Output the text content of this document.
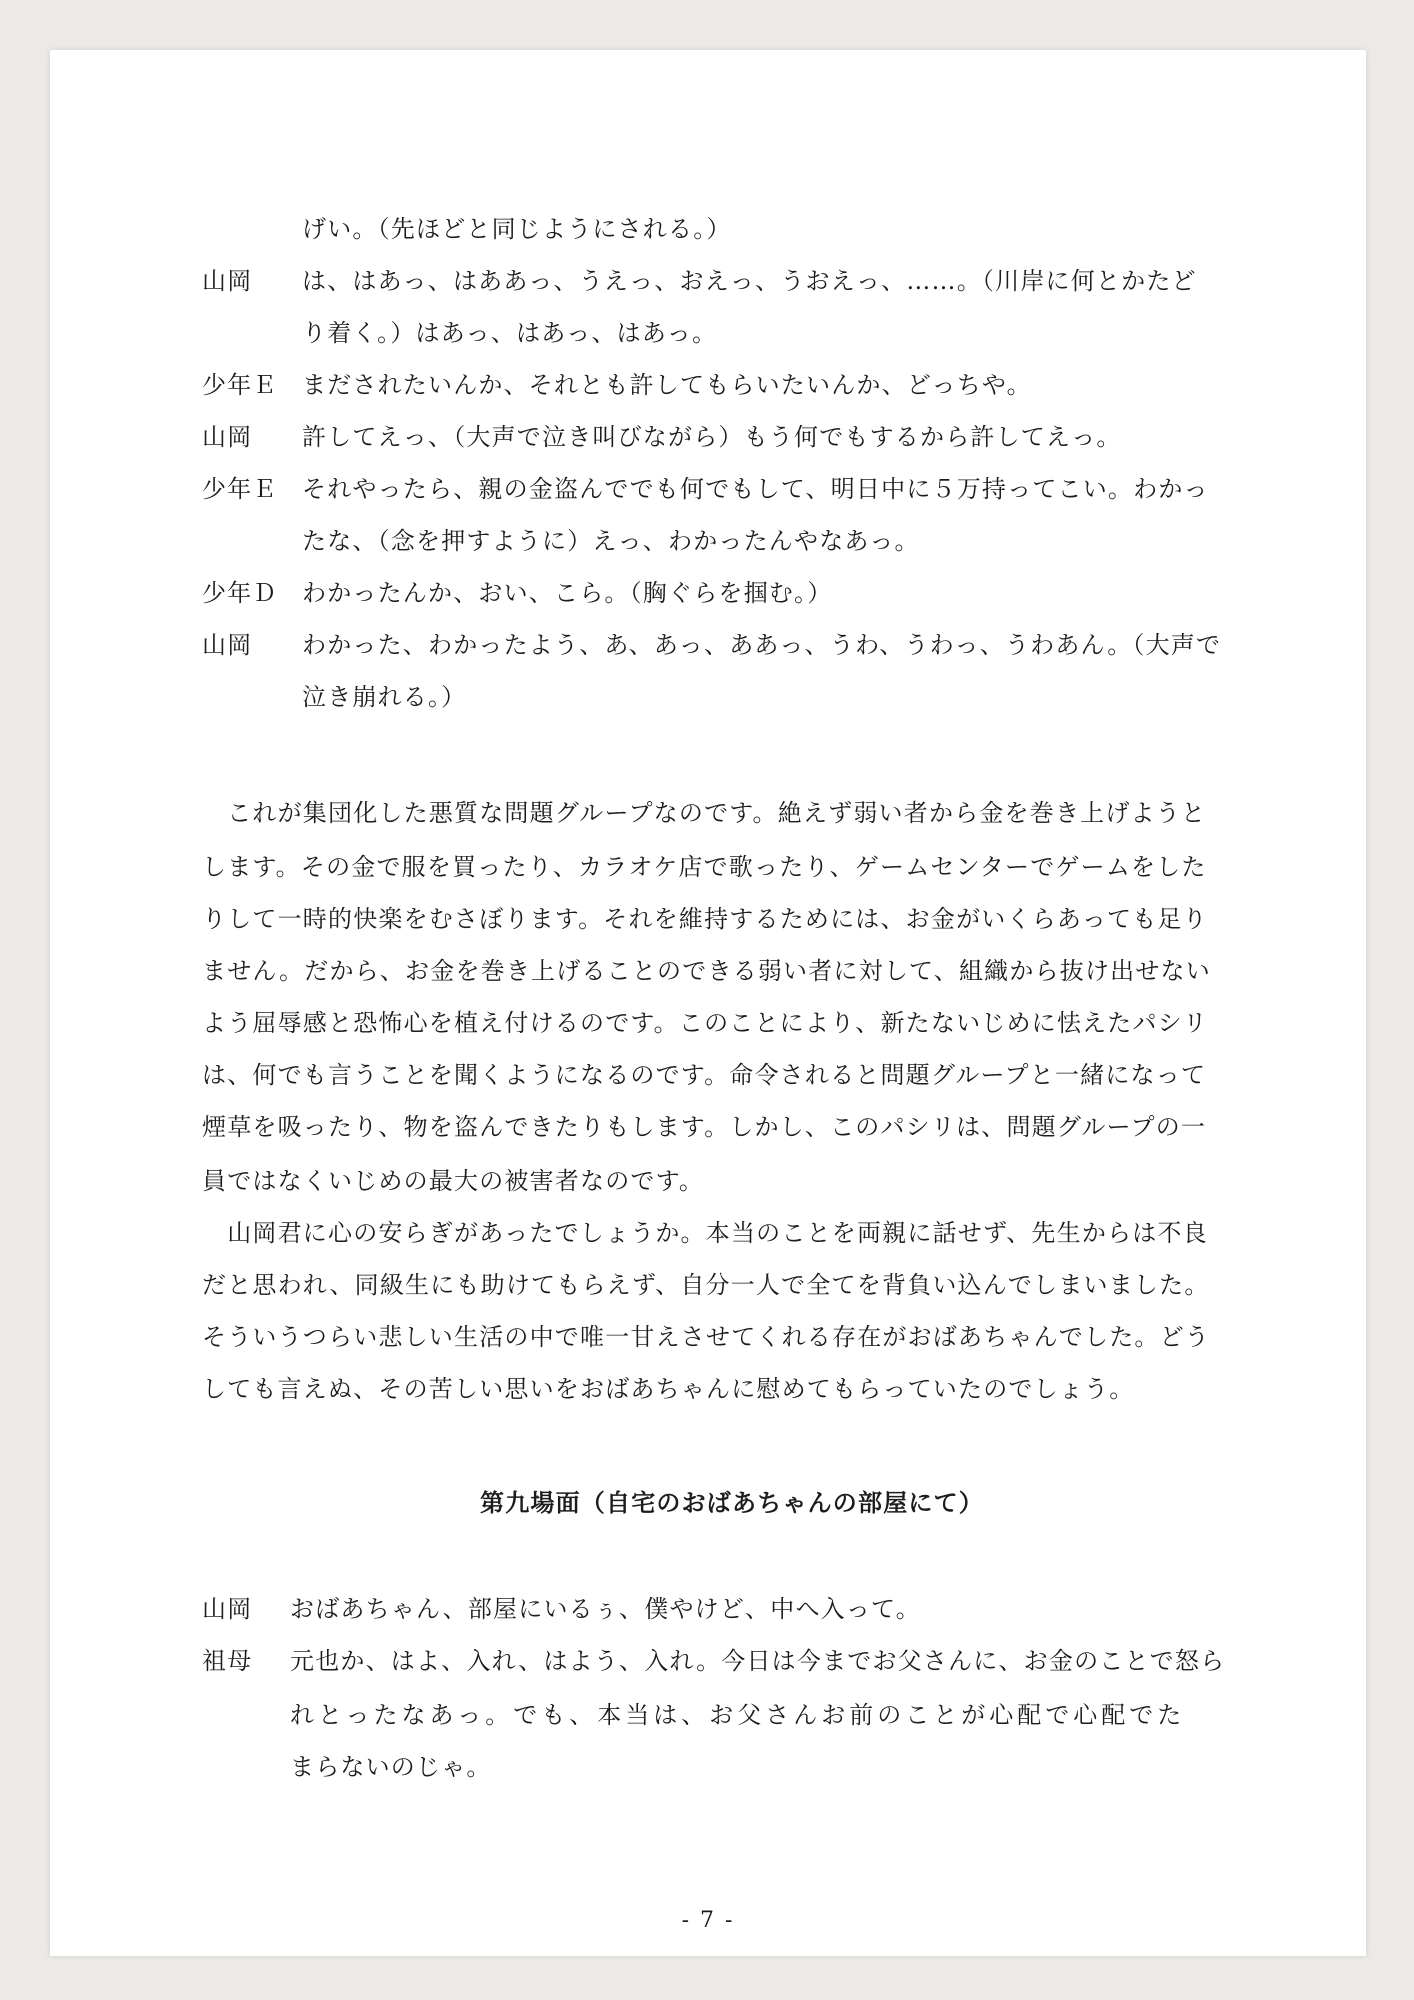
げい。（先ほどと同じようにされる。）
山岡	は、はあっ、はああっ、うえっ、おえっ、うおえっ、……。（川岸に何とかたど
り着く。）はあっ、はあっ、はあっ。
少年Ｅ	まだされたいんか、それとも許してもらいたいんか、どっちや。
山岡	許してえっ、（大声で泣き叫びながら）もう何でもするから許してえっ。
少年Ｅ	それやったら、親の金盗んででも何でもして、明日中に５万持ってこい。わかっ
たな、（念を押すように）えっ、わかったんやなあっ。
少年Ｄ	わかったんか、おい、こら。（胸ぐらを掴む。）
山岡	わかった、わかったよう、あ、あっ、ああっ、うわ、うわっ、うわあん。（大声で
泣き崩れる。）
　これが集団化した悪質な問題グループなのです。絶えず弱い者から金を巻き上げようと
します。その金で服を買ったり、カラオケ店で歌ったり、ゲームセンターでゲームをした
りして一時的快楽をむさぼります。それを維持するためには、お金がいくらあっても足り
ません。だから、お金を巻き上げることのできる弱い者に対して、組織から抜け出せない
よう屈辱感と恐怖心を植え付けるのです。このことにより、新たないじめに怯えたパシリ
は、何でも言うことを聞くようになるのです。命令されると問題グループと一緒になって
煙草を吸ったり、物を盗んできたりもします。しかし、このパシリは、問題グループの一
員ではなくいじめの最大の被害者なのです。
　山岡君に心の安らぎがあったでしょうか。本当のことを両親に話せず、先生からは不良
だと思われ、同級生にも助けてもらえず、自分一人で全てを背負い込んでしまいました。
そういうつらい悲しい生活の中で唯一甘えさせてくれる存在がおばあちゃんでした。どう
しても言えぬ、その苦しい思いをおばあちゃんに慰めてもらっていたのでしょう。
第九場面（自宅のおばあちゃんの部屋にて）
山岡	おばあちゃん、部屋にいるぅ、僕やけど、中へ入って。
祖母	元也か、はよ、入れ、はよう、入れ。今日は今までお父さんに、お金のことで怒ら
れとったなあっ。でも、本当は、お父さんお前のことが心配で心配でた
まらないのじゃ。
- 7 -
